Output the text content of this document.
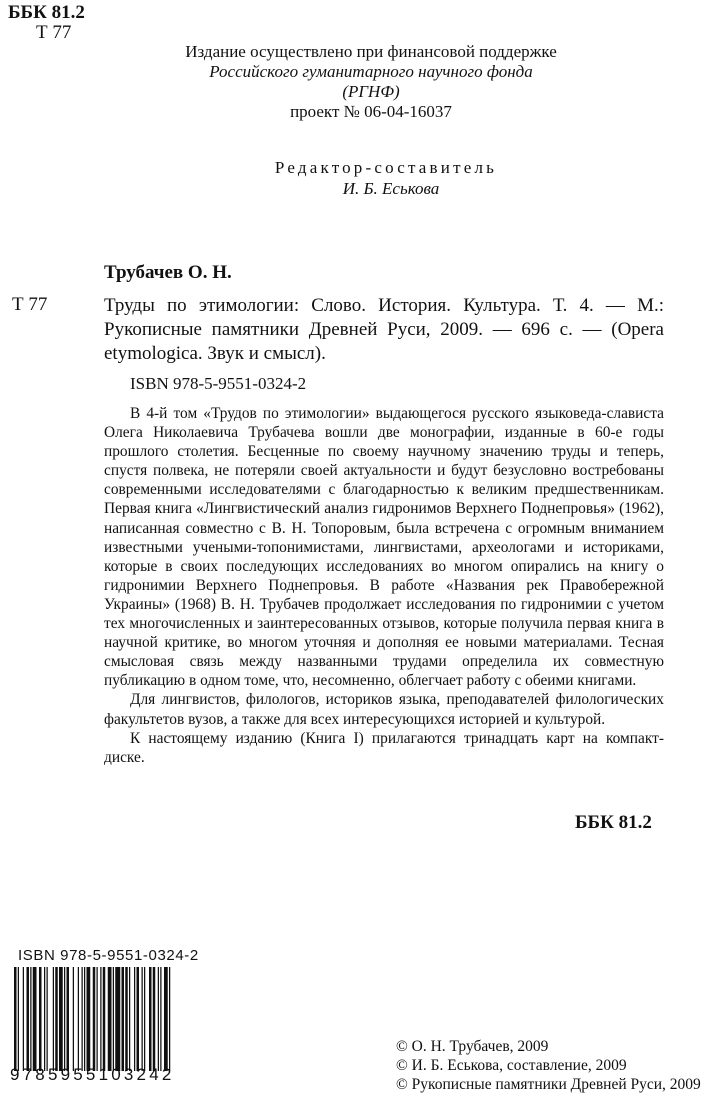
ББК 81.2
Т 77
Издание осуществлено при финансовой поддержке
Российского гуманитарного научного фонда
(РГНФ)
проект № 06-04-16037
Редактор-составитель
И. Б. Еськова
Трубачев О. Н.
Т 77	Труды по этимологии: Слово. История. Культура. Т. 4. — М.: Рукописные памятники Древней Руси, 2009. — 696 с. — (Opera etymologica. Звук и смысл).
ISBN 978-5-9551-0324-2

В 4-й том «Трудов по этимологии» выдающегося русского языковеда-слависта Олега Николаевича Трубачева вошли две монографии, изданные в 60-е годы прошлого столетия. Бесценные по своему научному значению труды и теперь, спустя полвека, не потеряли своей актуальности и будут безусловно востребованы современными исследователями с благодарностью к великим предшественникам. Первая книга «Лингвистический анализ гидронимов Верхнего Поднепровья» (1962), написанная совместно с В. Н. Топоровым, была встречена с огромным вниманием известными учеными-топонимистами, лингвистами, археологами и историками, которые в своих последующих исследованиях во многом опирались на книгу о гидронимии Верхнего Поднепровья. В работе «Названия рек Правобережной Украины» (1968) В. Н. Трубачев продолжает исследования по гидронимии с учетом тех многочисленных и заинтересованных отзывов, которые получила первая книга в научной критике, во многом уточняя и дополняя ее новыми материалами. Тесная смысловая связь между названными трудами определила их совместную публикацию в одном томе, что, несомненно, облегчает работу с обеими книгами.

Для лингвистов, филологов, историков языка, преподавателей филологических факультетов вузов, а также для всех интересующихся историей и культурой.

К настоящему изданию (Книга I) прилагаются тринадцать карт на компакт-диске.

ББК 81.2
ISBN 978-5-9551-0324-2
9785955103242
© О. Н. Трубачев, 2009
© И. Б. Еськова, составление, 2009
© Рукописные памятники Древней Руси, 2009
